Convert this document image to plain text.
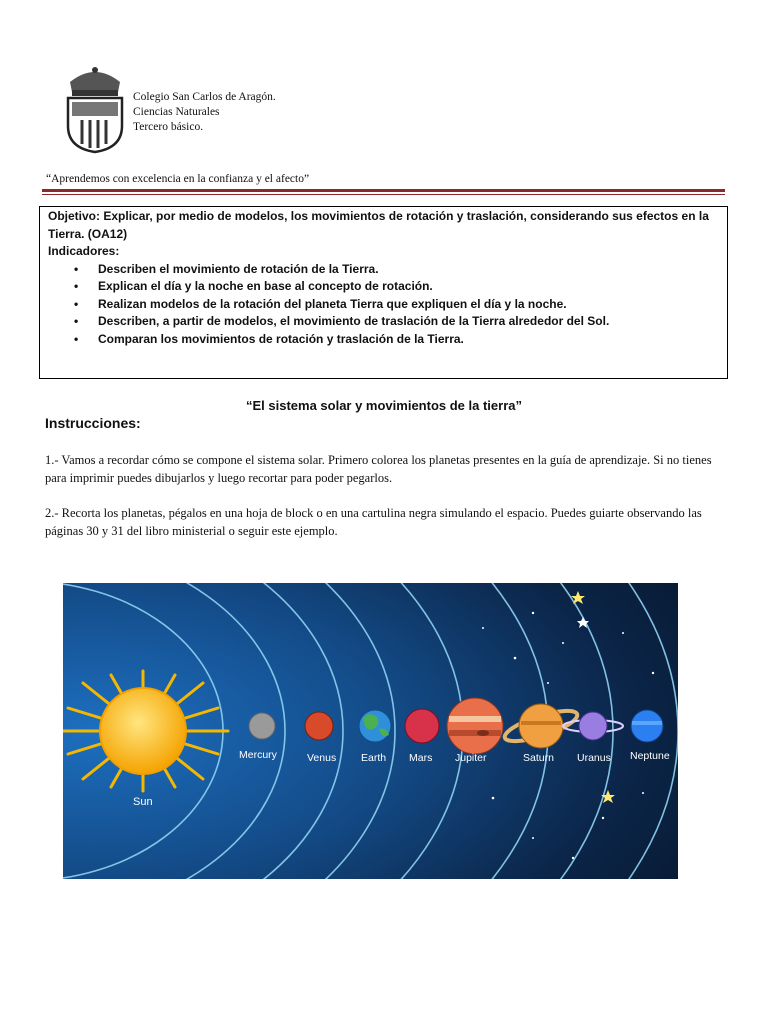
Colegio San Carlos de Aragón.
Ciencias Naturales
Tercero básico.
“Aprendemos con excelencia en la confianza y el afecto”
Objetivo: Explicar, por medio de modelos, los movimientos de rotación y traslación, considerando sus efectos en la Tierra. (OA12)
Indicadores:
• Describen el movimiento de rotación de la Tierra.
• Explican el día y la noche en base al concepto de rotación.
• Realizan modelos de la rotación del planeta Tierra que expliquen el día y la noche.
• Describen, a partir de modelos, el movimiento de traslación de la Tierra alrededor del Sol.
• Comparan los movimientos de rotación y traslación de la Tierra.
“El sistema solar y movimientos de la tierra”
Instrucciones:
1.- Vamos a recordar cómo se compone el sistema solar. Primero colorea los planetas presentes en la guía de aprendizaje. Si no tienes para imprimir puedes dibujarlos y luego recortar para poder pegarlos.
2.- Recorta los planetas, pégalos en una hoja de block o en una cartulina negra simulando el espacio. Puedes guiarte observando las páginas 30 y 31 del libro ministerial o seguir este ejemplo.
Sun
Mercury	Venus Earth Mars Jupiter	Saturn Uranus Neptune
